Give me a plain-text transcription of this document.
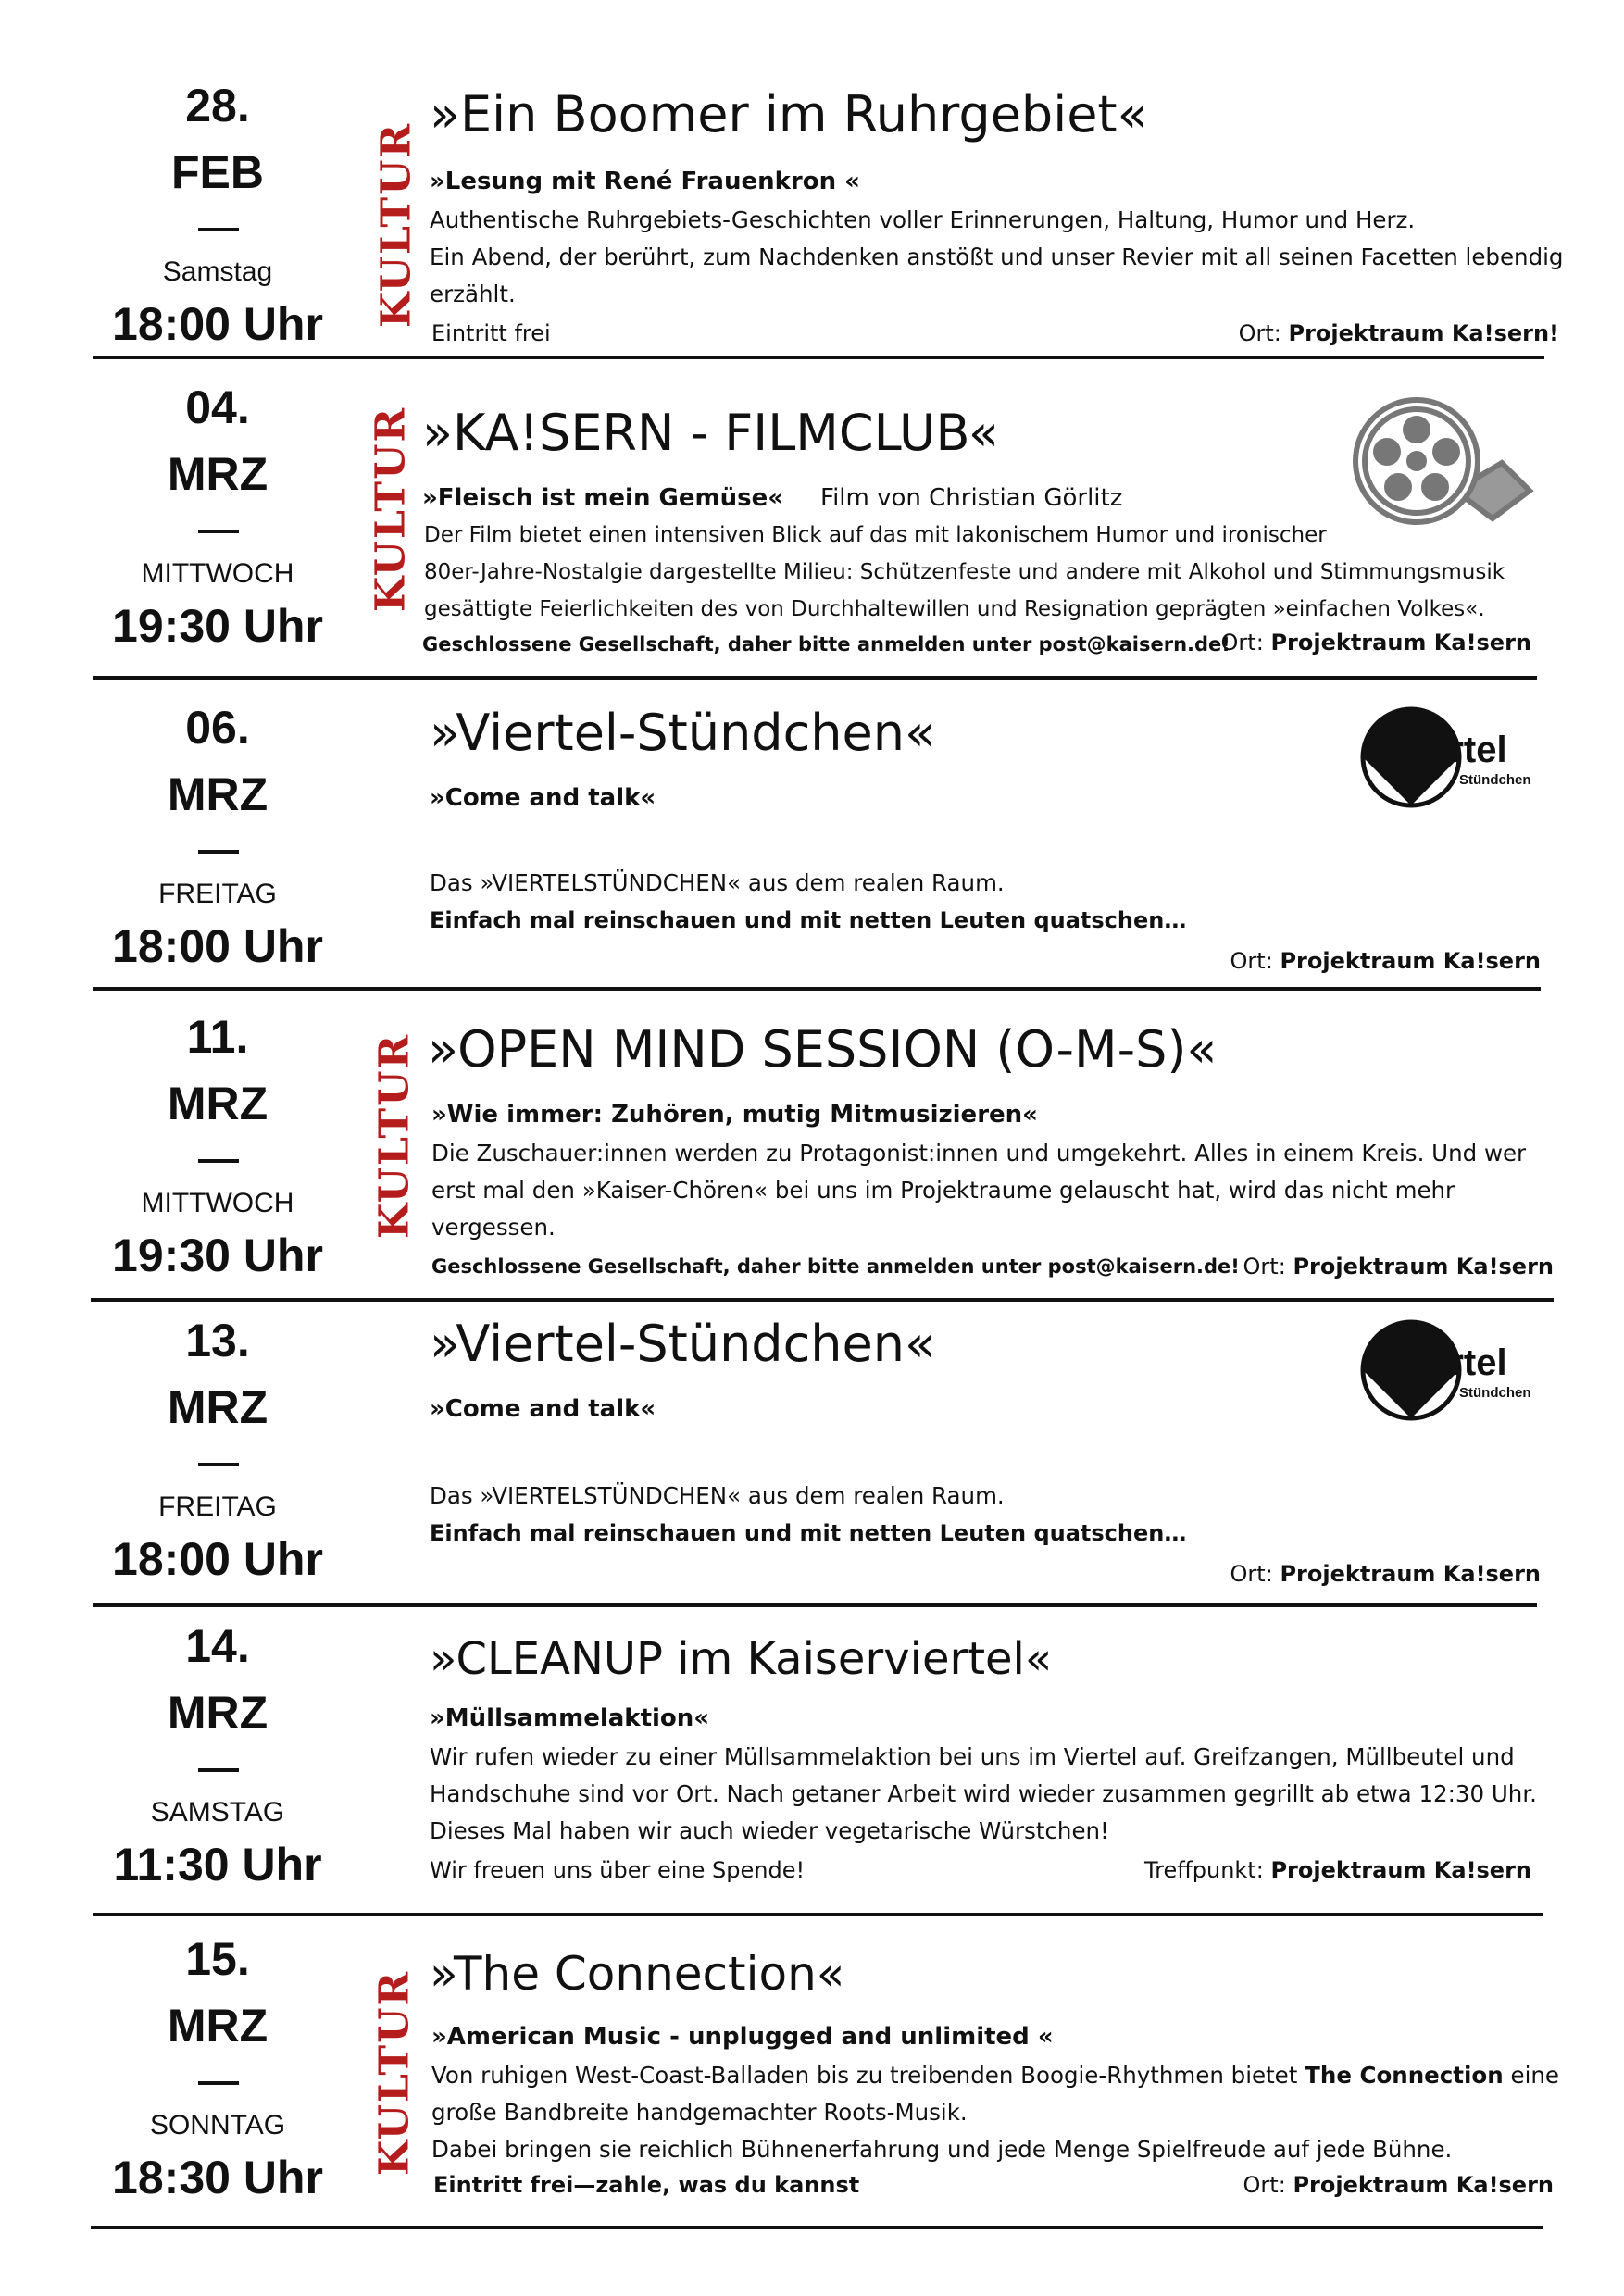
28.
FEB
Samstag
18:00 Uhr	KULTUR
»Ein Boomer im Ruhrgebiet«
»Lesung mit René Frauenkron «

Authentische Ruhrgebiets-Geschichten voller Erinnerungen, Haltung, Humor und Herz.

Ein Abend, der berührt, zum Nachdenken anstößt und unser Revier mit all seinen Facetten lebendig erzählt.

Eintritt frei	Ort: Projektraum Ka!sern!
04.
MRZ
MITTWOCH
19:30 Uhr
KULTUR »KA!SERN - FILMCLUB«
»Fleisch ist mein Gemüse« Film von Christian Görlitz

Der Film bietet einen intensiven Blick auf das mit lakonischem Humor und ironischer

80er-Jahre-Nostalgie dargestellte Milieu: Schützenfeste und andere mit Alkohol und Stimmungsmusik

gesättigte Feierlichkeiten des von Durchhaltewillen und Resignation geprägten »einfachen Volkes«.

Geschlossene Gesellschaft, daher bitte anmelden unter post@kaisern.de!
Ort: Projektraum Ka!sern
06.
MRZ
FREITAG
18:00 Uhr
»Viertel-Stündchen«
»Come and talk«

Das »VIERTELSTÜNDCHEN« aus dem realen Raum.

Einfach mal reinschauen und mit netten Leuten quatschen…
Ort: Projektraum Ka!sern
iertel
Stündchen
11.
MRZ
MITTWOCH
19:30 Uhr
KULTUR »OPEN MIND SESSION (O-M-S)«
»Wie immer: Zuhören, mutig Mitmusizieren«

Die Zuschauer:innen werden zu Protagonist:innen und umgekehrt. Alles in einem Kreis. Und wer erst mal den »Kaiser-Chören« bei uns im Projektraume gelauscht hat, wird das nicht mehr vergessen.

Geschlossene Gesellschaft, daher bitte anmelden unter post@kaisern.de! Ort: Projektraum Ka!sern
13.
MRZ
FREITAG
18:00 Uhr
»Viertel-Stündchen«
»Come and talk«

Das »VIERTELSTÜNDCHEN« aus dem realen Raum.

Einfach mal reinschauen und mit netten Leuten quatschen…
Ort: Projektraum Ka!sern
iertel
Stündchen
14.
MRZ
SAMSTAG
11:30 Uhr
»CLEANUP im Kaiserviertel«
»Müllsammelaktion«

Wir rufen wieder zu einer Müllsammelaktion bei uns im Viertel auf. Greifzangen, Müllbeutel und Handschuhe sind vor Ort. Nach getaner Arbeit wird wieder zusammen gegrillt ab etwa 12:30 Uhr. Dieses Mal haben wir auch wieder vegetarische Würstchen!

Wir freuen uns über eine Spende!	Treffpunkt: Projektraum Ka!sern
15.
MRZ
SONNTAG
18:30 Uhr
KULTUR »The Connection«
»American Music - unplugged and unlimited «

Von ruhigen West-Coast-Balladen bis zu treibenden Boogie-Rhythmen bietet The Connection eine große Bandbreite handgemachter Roots-Musik.

Dabei bringen sie reichlich Bühnenerfahrung und jede Menge Spielfreude auf jede Bühne.

Eintritt frei—zahle, was du kannst	Ort: Projektraum Ka!sern
